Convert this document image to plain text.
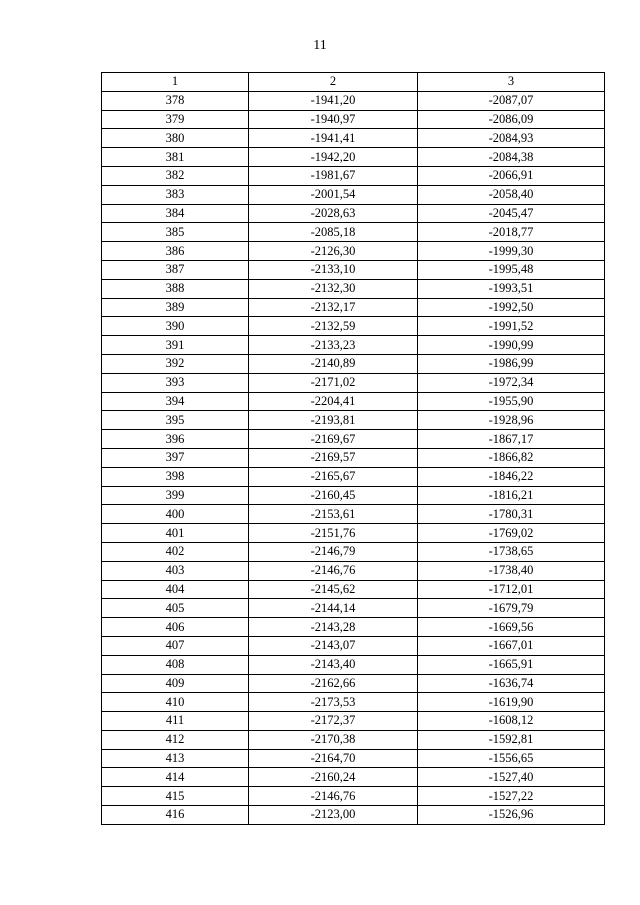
11
1	2	3
378	-1941,20	-2087,07
379	-1940,97	-2086,09
380	-1941,41	-2084,93
381	-1942,20	-2084,38
382	-1981,67	-2066,91
383	-2001,54	-2058,40
384	-2028,63	-2045,47
385	-2085,18	-2018,77
386	-2126,30	-1999,30
387	-2133,10	-1995,48
388	-2132,30	-1993,51
389	-2132,17	-1992,50
390	-2132,59	-1991,52
391	-2133,23	-1990,99
392	-2140,89	-1986,99
393	-2171,02	-1972,34
394	-2204,41	-1955,90
395	-2193,81	-1928,96
396	-2169,67	-1867,17
397	-2169,57	-1866,82
398	-2165,67	-1846,22
399	-2160,45	-1816,21
400	-2153,61	-1780,31
401	-2151,76	-1769,02
402	-2146,79	-1738,65
403	-2146,76	-1738,40
404	-2145,62	-1712,01
405	-2144,14	-1679,79
406	-2143,28	-1669,56
407	-2143,07	-1667,01
408	-2143,40	-1665,91
409	-2162,66	-1636,74
410	-2173,53	-1619,90
411	-2172,37	-1608,12
412	-2170,38	-1592,81
413	-2164,70	-1556,65
414	-2160,24	-1527,40
415	-2146,76	-1527,22
416	-2123,00	-1526,96
